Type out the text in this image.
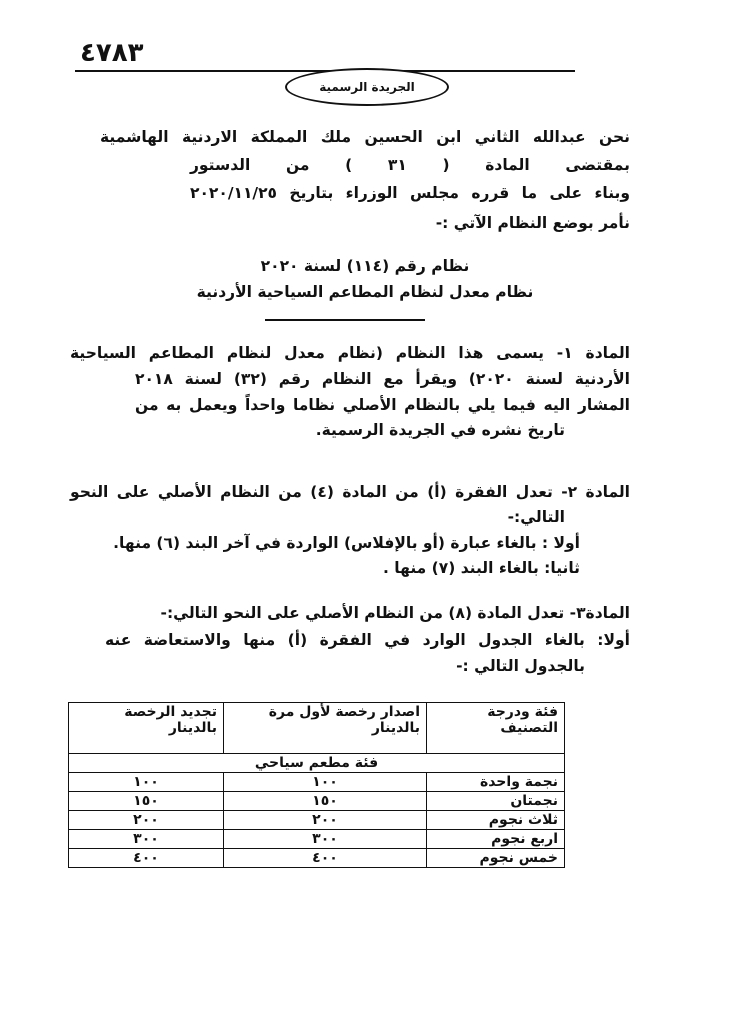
٤٧٨٣
الجريدة الرسمية
نحن عبدالله الثاني ابن الحسين ملك المملكة الاردنية الهاشمية
بمقتضى المادة ( ٣١ ) من الدستور
وبناء على ما قرره مجلس الوزراء بتاريخ ٢٠٢٠/١١/٢٥
نأمر بوضع النظام الآتي :-
نظام رقم (١١٤) لسنة ٢٠٢٠
نظام معدل لنظام المطاعم السياحية الأردنية
المادة ١- يسمى هذا النظام (نظام معدل لنظام المطاعم السياحية
الأردنية لسنة ٢٠٢٠) ويقرأ مع النظام رقم (٣٢) لسنة ٢٠١٨
المشار اليه فيما يلي بالنظام الأصلي نظاما واحداً ويعمل به من
تاريخ نشره في الجريدة الرسمية.
المادة ٢- تعدل الفقرة (أ) من المادة (٤) من النظام الأصلي على النحو
التالي:-
أولا : بالغاء عبارة (أو بالإفلاس) الواردة في آخر البند (٦) منها.
ثانيا: بالغاء البند (٧) منها .
المادة٣- تعدل المادة (٨) من النظام الأصلي على النحو التالي:-
أولا: بالغاء الجدول الوارد في الفقرة (أ) منها والاستعاضة عنه
بالجدول التالي :-
فئة ودرجة التصنيف	اصدار رخصة لأول مرة بالدينار	تجديد الرخصة بالدينار
فئة مطعم سياحي		
نجمة واحدة	١٠٠	١٠٠
نجمتان	١٥٠	١٥٠
ثلاث نجوم	٢٠٠	٢٠٠
اربع نجوم	٣٠٠	٣٠٠
خمس نجوم	٤٠٠	٤٠٠
